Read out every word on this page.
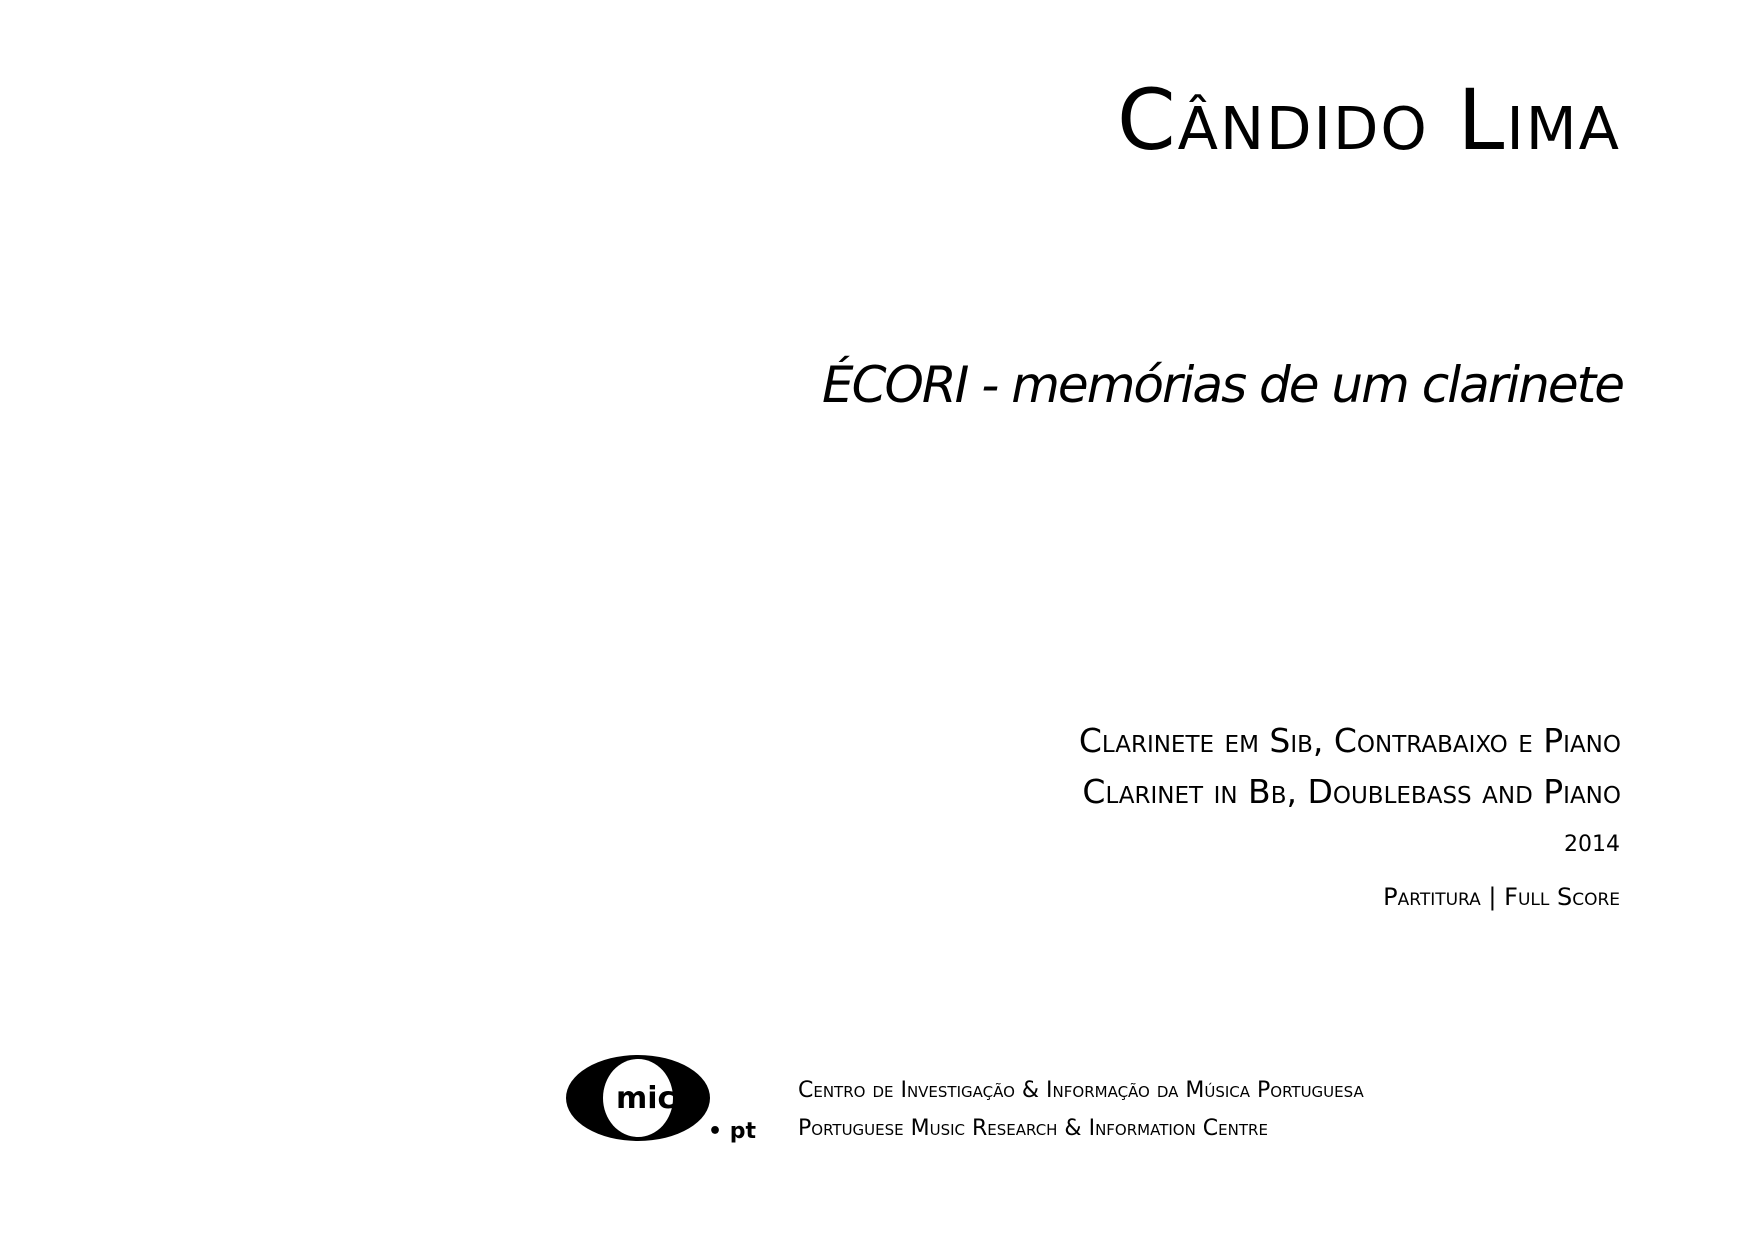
Cândido Lima
ÉCORI - memórias de um clarinete
Clarinete em Sib, Contrabaixo e Piano
Clarinet in Bb, Doublebass and Piano
2014
Partitura | Full Score
mic
• pt
Centro de Investigação & Informação da Música Portuguesa
Portuguese Music Research & Information Centre
